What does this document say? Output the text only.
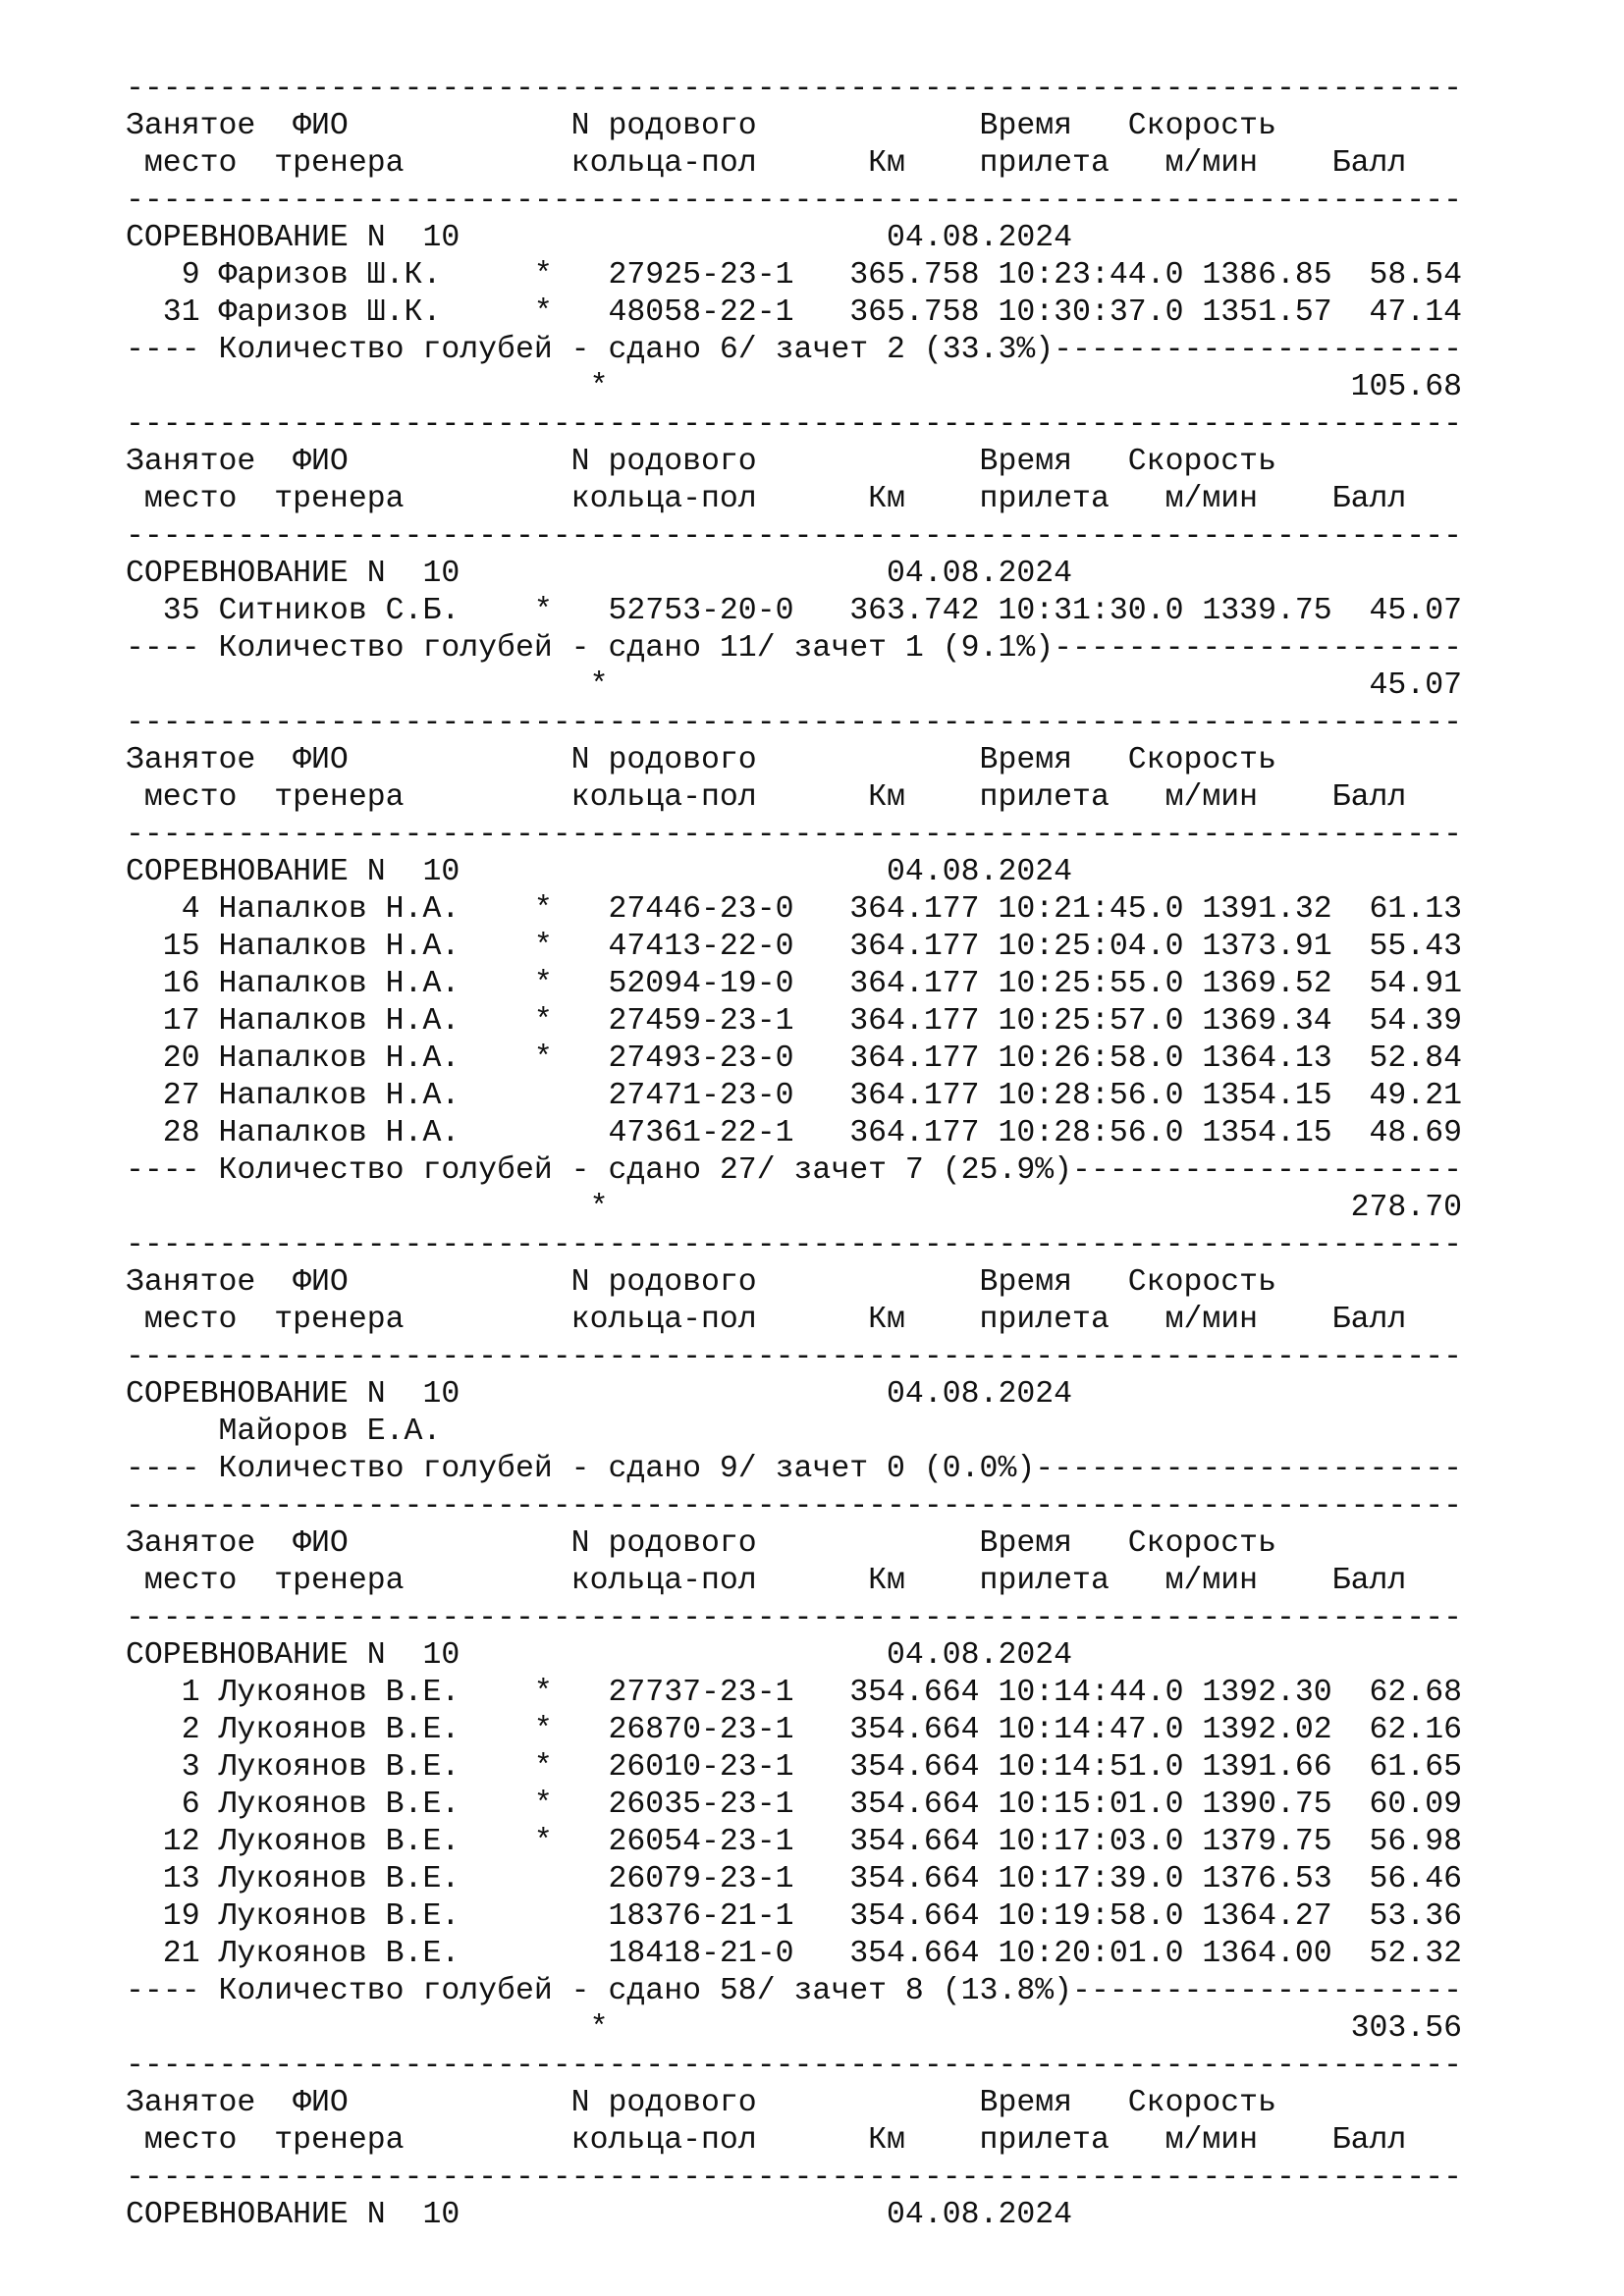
------------------------------------------------------------------------
Занятое  ФИО            N родового            Время   Скорость
место  тренера         кольца-пол      Км    прилета   м/мин    Балл
------------------------------------------------------------------------
СОРЕВНОВАНИЕ N  10                       04.08.2024
9 Фаризов Ш.К.     *   27925-23-1   365.758 10:23:44.0 1386.85  58.54
31 Фаризов Ш.К.     *   48058-22-1   365.758 10:30:37.0 1351.57  47.14
---- Количество голубей - сдано 6/ зачет 2 (33.3%)----------------------
*                                        105.68
------------------------------------------------------------------------
Занятое  ФИО            N родового            Время   Скорость
место  тренера         кольца-пол      Км    прилета   м/мин    Балл
------------------------------------------------------------------------
СОРЕВНОВАНИЕ N  10                       04.08.2024
35 Ситников С.Б.    *   52753-20-0   363.742 10:31:30.0 1339.75  45.07
---- Количество голубей - сдано 11/ зачет 1 (9.1%)----------------------
*                                         45.07
------------------------------------------------------------------------
Занятое  ФИО            N родового            Время   Скорость
место  тренера         кольца-пол      Км    прилета   м/мин    Балл
------------------------------------------------------------------------
СОРЕВНОВАНИЕ N  10                       04.08.2024
4 Напалков Н.А.    *   27446-23-0   364.177 10:21:45.0 1391.32  61.13
15 Напалков Н.А.    *   47413-22-0   364.177 10:25:04.0 1373.91  55.43
16 Напалков Н.А.    *   52094-19-0   364.177 10:25:55.0 1369.52  54.91
17 Напалков Н.А.    *   27459-23-1   364.177 10:25:57.0 1369.34  54.39
20 Напалков Н.А.    *   27493-23-0   364.177 10:26:58.0 1364.13  52.84
27 Напалков Н.А.        27471-23-0   364.177 10:28:56.0 1354.15  49.21
28 Напалков Н.А.        47361-22-1   364.177 10:28:56.0 1354.15  48.69
---- Количество голубей - сдано 27/ зачет 7 (25.9%)---------------------
*                                        278.70
------------------------------------------------------------------------
Занятое  ФИО            N родового            Время   Скорость
место  тренера         кольца-пол      Км    прилета   м/мин    Балл
------------------------------------------------------------------------
СОРЕВНОВАНИЕ N  10                       04.08.2024
Майоров Е.А.
---- Количество голубей - сдано 9/ зачет 0 (0.0%)-----------------------
------------------------------------------------------------------------
Занятое  ФИО            N родового            Время   Скорость
место  тренера         кольца-пол      Км    прилета   м/мин    Балл
------------------------------------------------------------------------
СОРЕВНОВАНИЕ N  10                       04.08.2024
1 Лукоянов В.Е.    *   27737-23-1   354.664 10:14:44.0 1392.30  62.68
2 Лукоянов В.Е.    *   26870-23-1   354.664 10:14:47.0 1392.02  62.16
3 Лукоянов В.Е.    *   26010-23-1   354.664 10:14:51.0 1391.66  61.65
6 Лукоянов В.Е.    *   26035-23-1   354.664 10:15:01.0 1390.75  60.09
12 Лукоянов В.Е.    *   26054-23-1   354.664 10:17:03.0 1379.75  56.98
13 Лукоянов В.Е.        26079-23-1   354.664 10:17:39.0 1376.53  56.46
19 Лукоянов В.Е.        18376-21-1   354.664 10:19:58.0 1364.27  53.36
21 Лукоянов В.Е.        18418-21-0   354.664 10:20:01.0 1364.00  52.32
---- Количество голубей - сдано 58/ зачет 8 (13.8%)---------------------
*                                        303.56
------------------------------------------------------------------------
Занятое  ФИО            N родового            Время   Скорость
место  тренера         кольца-пол      Км    прилета   м/мин    Балл
------------------------------------------------------------------------
СОРЕВНОВАНИЕ N  10                       04.08.2024
